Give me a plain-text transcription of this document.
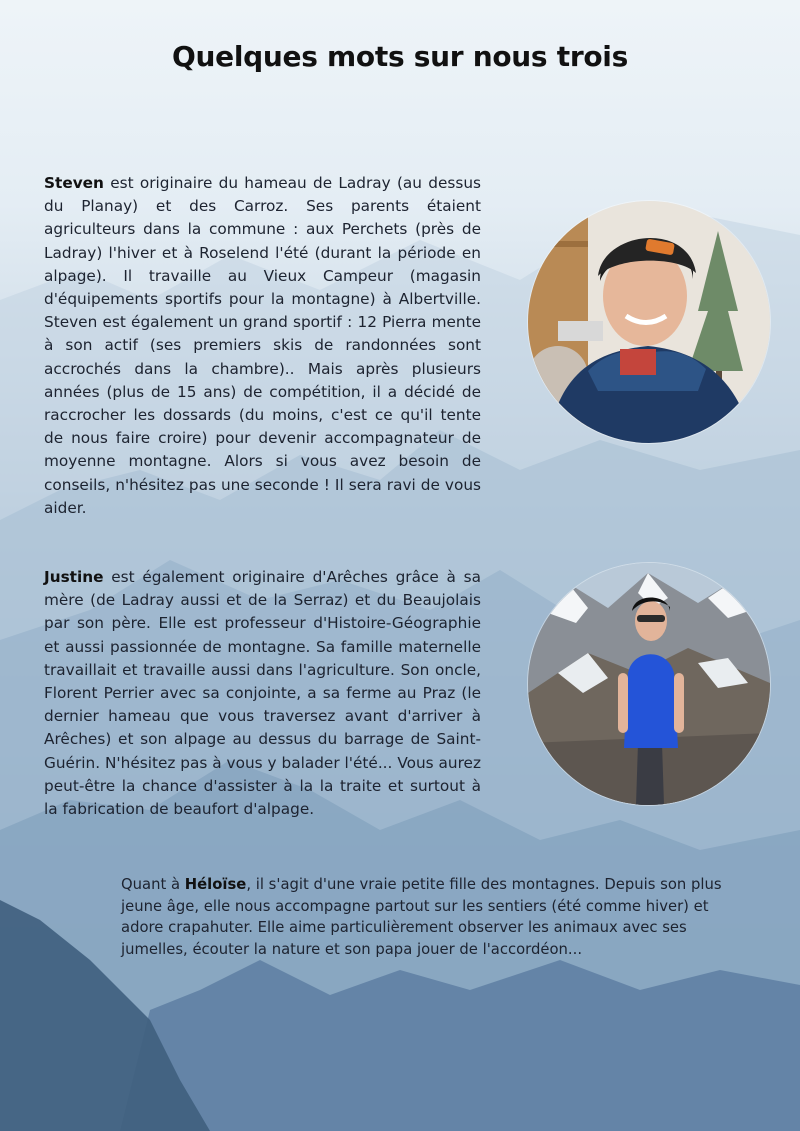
Quelques mots sur nous trois

Steven est originaire du hameau de Ladray (au dessus du Planay) et des Carroz. Ses parents étaient agriculteurs dans la commune : aux Perchets (près de Ladray) l'hiver et à Roselend l'été (durant la période en alpage). Il travaille au Vieux Campeur (magasin d'équipements sportifs pour la montagne) à Albertville. Steven est également un grand sportif : 12 Pierra mente à son actif (ses premiers skis de randonnées sont accrochés dans la chambre).. Mais après plusieurs années (plus de 15 ans) de compétition, il a décidé de raccrocher les dossards (du moins, c'est ce qu'il tente de nous faire croire) pour devenir accompagnateur de moyenne montagne. Alors si vous avez besoin de conseils, n'hésitez pas une seconde ! Il sera ravi de vous aider.

Justine est également originaire d'Arêches grâce à sa mère (de Ladray aussi et de la Serraz) et du Beaujolais par son père. Elle est professeur d'Histoire-Géographie et aussi passionnée de montagne. Sa famille maternelle travaillait et travaille aussi dans l'agriculture. Son oncle, Florent Perrier avec sa conjointe, a sa ferme au Praz (le dernier hameau que vous traversez avant d'arriver à Arêches) et son alpage au dessus du barrage de Saint-Guérin. N'hésitez pas à vous y balader l'été... Vous aurez peut-être la chance d'assister à la la traite et surtout à la fabrication de beaufort d'alpage.

Quant à Héloïse, il s'agit d'une vraie petite fille des montagnes. Depuis son plus jeune âge, elle nous accompagne partout sur les sentiers (été comme hiver) et adore crapahuter. Elle aime particulièrement observer les animaux avec ses jumelles, écouter la nature et son papa jouer de l'accordéon...
